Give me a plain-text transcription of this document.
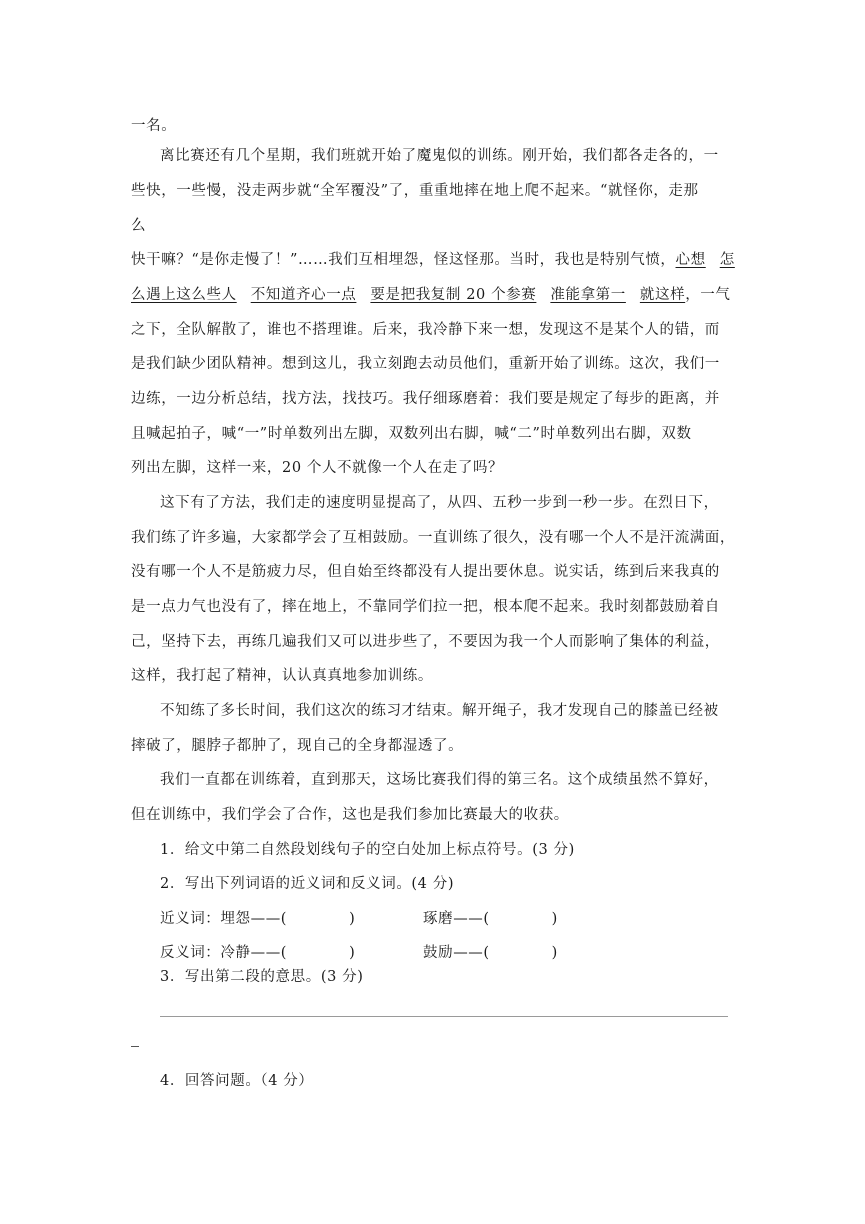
一名。
离比赛还有几个星期，我们班就开始了魔鬼似的训练。刚开始，我们都各走各的，一
些快，一些慢，没走两步就“全军覆没”了，重重地摔在地上爬不起来。“就怪你，走那
么
快干嘛？“是你走慢了！”……我们互相埋怨，怪这怪那。当时，我也是特别气愤，心想 怎
么遇上这么些人 不知道齐心一点 要是把我复制 20 个参赛 准能拿第一 就这样，一气
之下，全队解散了，谁也不搭理谁。后来，我冷静下来一想，发现这不是某个人的错，而
是我们缺少团队精神。想到这儿，我立刻跑去动员他们，重新开始了训练。这次，我们一
边练，一边分析总结，找方法，找技巧。我仔细琢磨着：我们要是规定了每步的距离，并
且喊起拍子，喊“一”时单数列出左脚，双数列出右脚，喊“二”时单数列出右脚，双数
列出左脚，这样一来，20 个人不就像一个人在走了吗？
这下有了方法，我们走的速度明显提高了，从四、五秒一步到一秒一步。在烈日下，
我们练了许多遍，大家都学会了互相鼓励。一直训练了很久，没有哪一个人不是汗流满面，
没有哪一个人不是筋疲力尽，但自始至终都没有人提出要休息。说实话，练到后来我真的
是一点力气也没有了，摔在地上，不靠同学们拉一把，根本爬不起来。我时刻都鼓励着自
己，坚持下去，再练几遍我们又可以进步些了，不要因为我一个人而影响了集体的利益，
这样，我打起了精神，认认真真地参加训练。
不知练了多长时间，我们这次的练习才结束。解开绳子，我才发现自己的膝盖已经被
摔破了，腿脖子都肿了，现自己的全身都湿透了。
我们一直都在训练着，直到那天，这场比赛我们得的第三名。这个成绩虽然不算好，
但在训练中，我们学会了合作，这也是我们参加比赛最大的收获。
1．给文中第二自然段划线句子的空白处加上标点符号。(3 分)
2．写出下列词语的近义词和反义词。(4 分)
近义词：埋怨——(	)	琢磨——(	)
反义词：冷静——(	)	鼓励——(	)
3．写出第二段的意思。(3 分)
4．回答问题。（4 分）
